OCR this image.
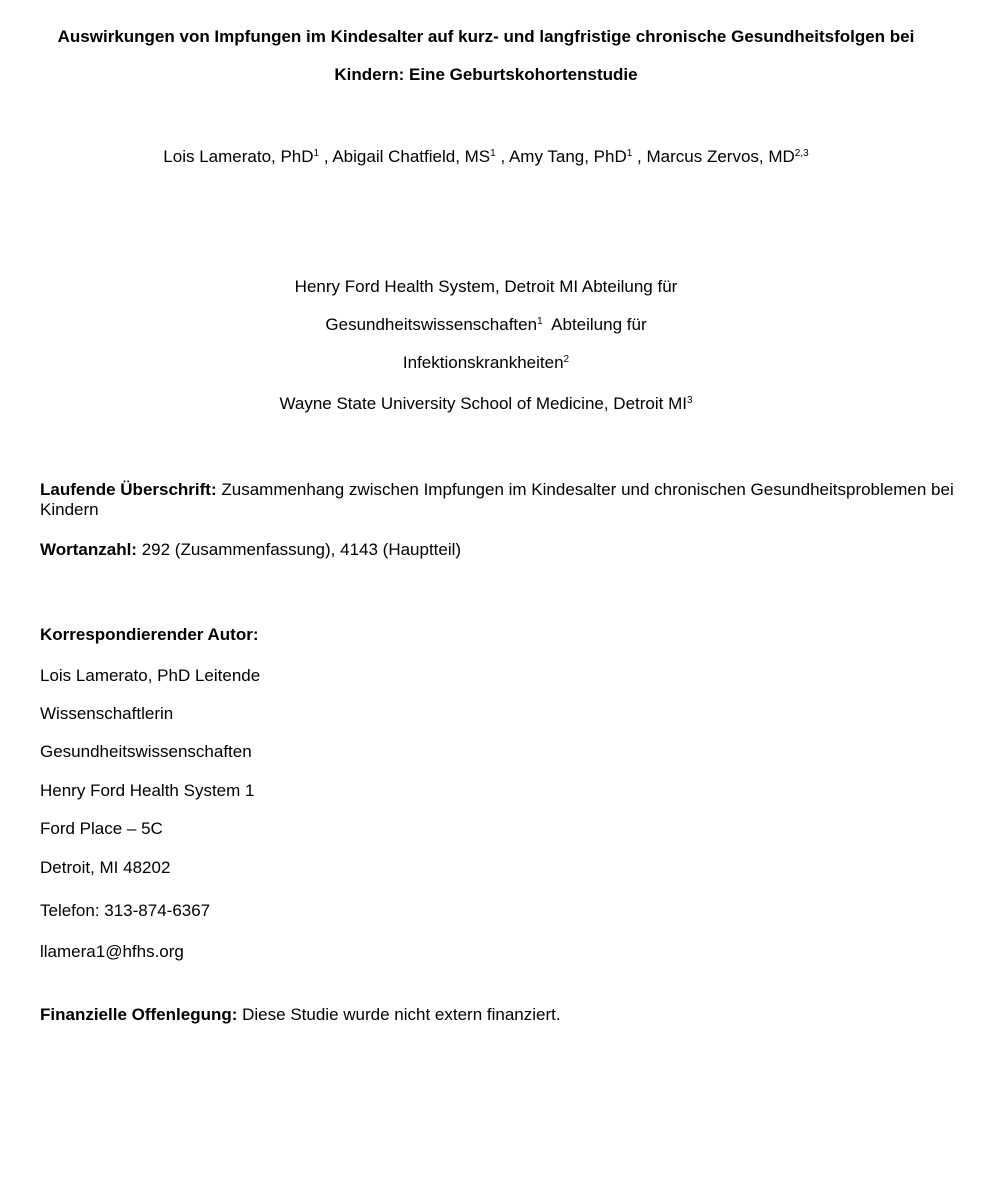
Auswirkungen von Impfungen im Kindesalter auf kurz- und langfristige chronische Gesundheitsfolgen bei
Kindern: Eine Geburtskohortenstudie
Lois Lamerato, PhD$^1$ , Abigail Chatfield, $MS^1$ , Amy Tang, PhD$^1$ , Marcus Zervos, MD$^{2,3}$
Henry Ford Health System, Detroit MI Abteilung für
Gesundheitswissenschaften$^1$  Abteilung für
Infektionskrankheiten$^2$
Wayne State University School of Medicine, Detroit $MI^3$
Laufende Überschrift: Zusammenhang zwischen Impfungen im Kindesalter und chronischen Gesundheitsproblemen bei Kindern
Wortanzahl: 292 (Zusammenfassung), 4143 (Hauptteil)
Korrespondierender Autor:
Lois Lamerato, PhD Leitende
Wissenschaftlerin
Gesundheitswissenschaften
Henry Ford Health System 1
Ford Place – 5C
Detroit, MI 48202
Telefon: 313-874-6367
llamera1@hfhs.org
Finanzielle Offenlegung: Diese Studie wurde nicht extern finanziert.
